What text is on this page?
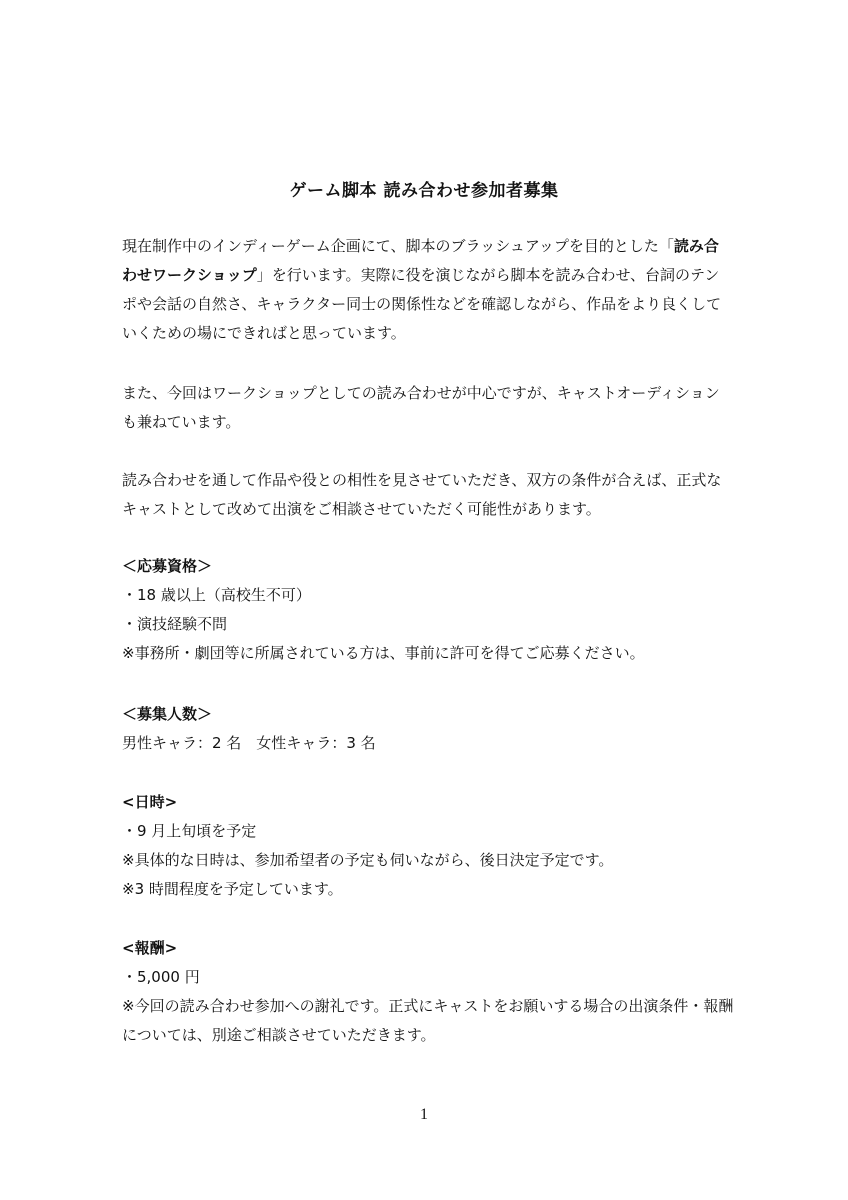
ゲーム脚本 読み合わせ参加者募集

現在制作中のインディーゲーム企画にて、脚本のブラッシュアップを目的とした「読み合わせワークショップ」を行います。実際に役を演じながら脚本を読み合わせ、台詞のテンポや会話の自然さ、キャラクター同士の関係性などを確認しながら、作品をより良くしていくための場にできればと思っています。

また、今回はワークショップとしての読み合わせが中心ですが、キャストオーディションも兼ねています。

読み合わせを通して作品や役との相性を見させていただき、双方の条件が合えば、正式なキャストとして改めて出演をご相談させていただく可能性があります。

＜応募資格＞

・18 歳以上（高校生不可）

・演技経験不問

※事務所・劇団等に所属されている方は、事前に許可を得てご応募ください。

＜募集人数＞

男性キャラ：2 名　女性キャラ：3 名

<日時>

・9 月上旬頃を予定

※具体的な日時は、参加希望者の予定も伺いながら、後日決定予定です。

※3 時間程度を予定しています。

<報酬>

・5,000 円

※今回の読み合わせ参加への謝礼です。正式にキャストをお願いする場合の出演条件・報酬については、別途ご相談させていただきます。

1
